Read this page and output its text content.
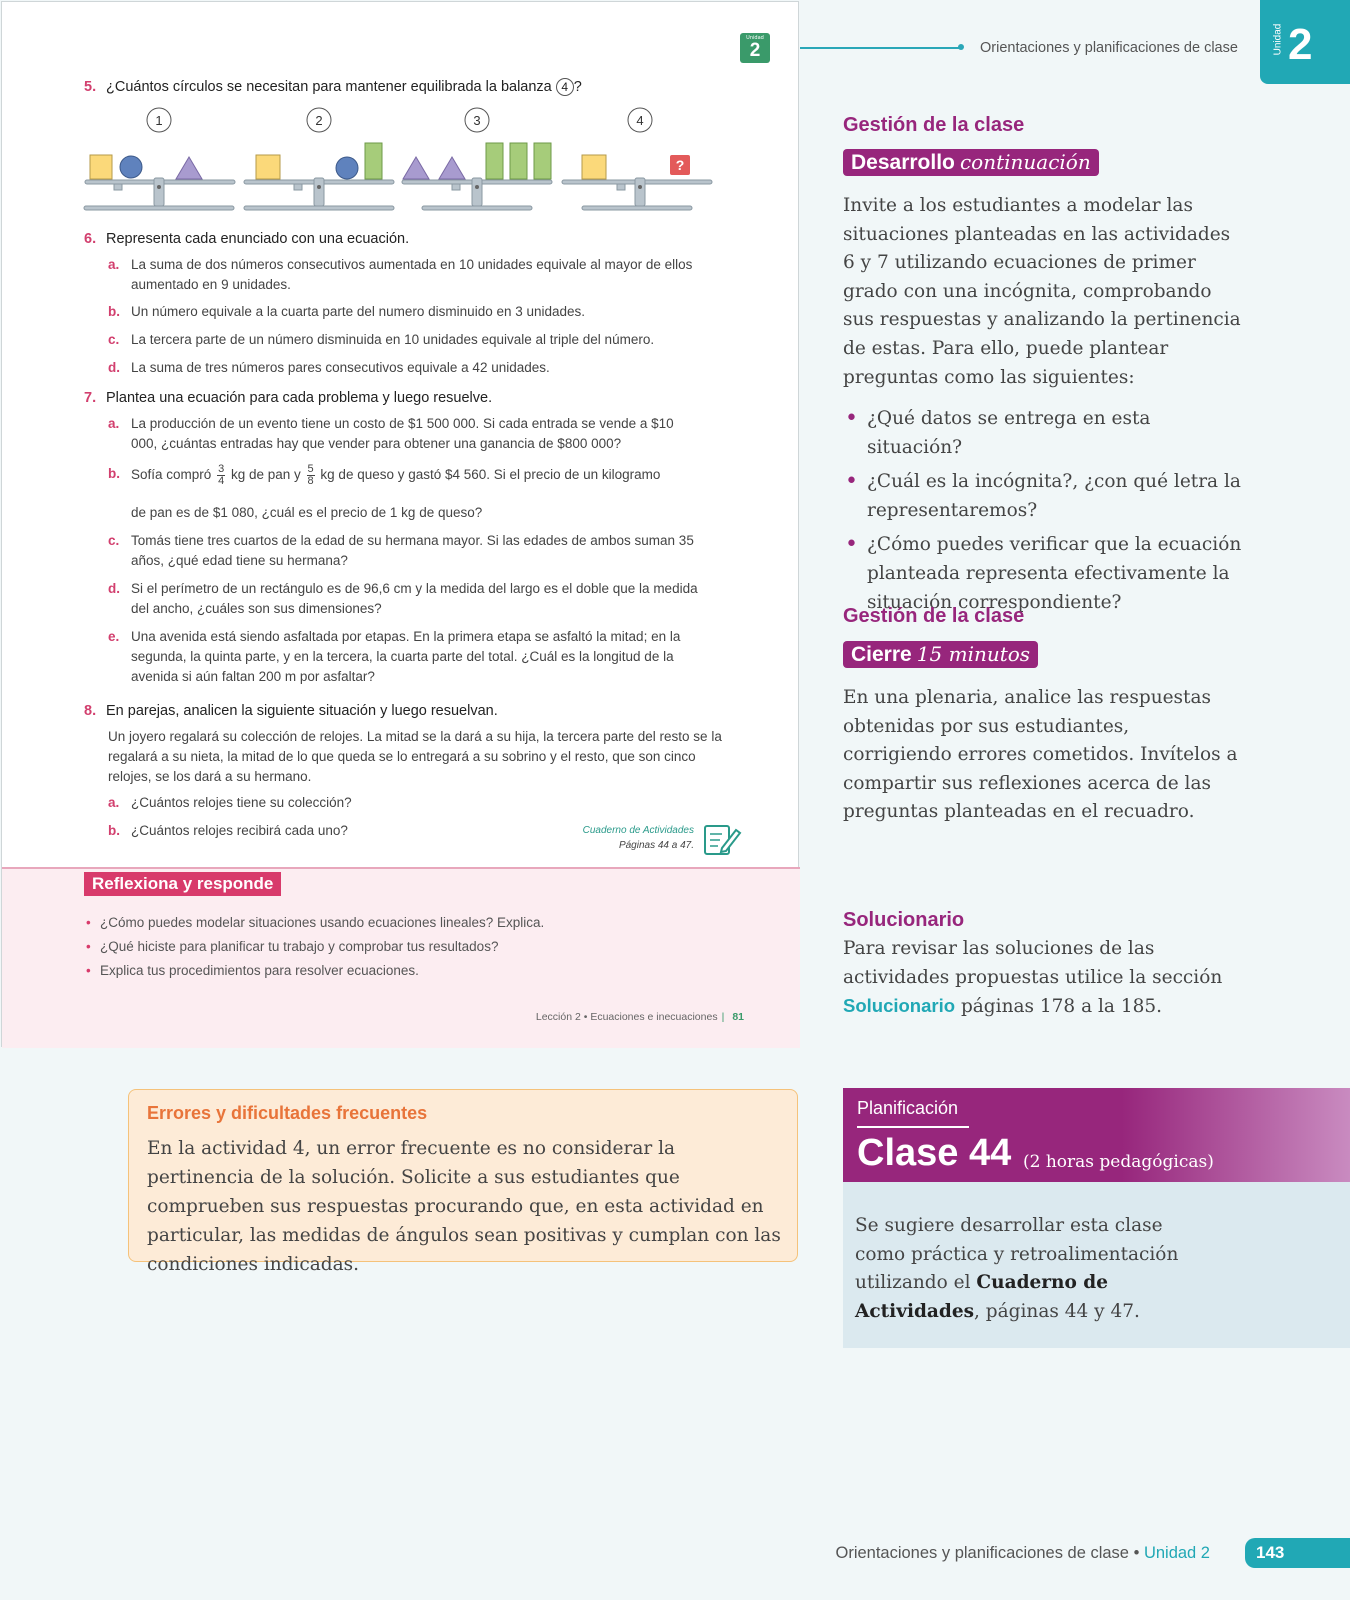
Unidad
2
5. ¿Cuántos círculos se necesitan para mantener equilibrada la balanza 4 ?
1	2	3	4
?
6. Representa cada enunciado con una ecuación.
a. La suma de dos números consecutivos aumentada en 10 unidades equivale al mayor de ellos aumentado en 9 unidades.
b. Un número equivale a la cuarta parte del numero disminuido en 3 unidades.
c. La tercera parte de un número disminuida en 10 unidades equivale al triple del número.
d. La suma de tres números pares consecutivos equivale a 42 unidades.
7. Plantea una ecuación para cada problema y luego resuelve.
a. La producción de un evento tiene un costo de $1 500 000. Si cada entrada se vende a $10 000, ¿cuántas entradas hay que vender para obtener una ganancia de $800 000?
b. Sofía compró $\frac{3}{4}$ kg de pan y $\frac{5}{8}$ kg de queso y gastó $4 560. Si el precio de un kilogramo
de pan es de $1 080, ¿cuál es el precio de 1 kg de queso?
c. Tomás tiene tres cuartos de la edad de su hermana mayor. Si las edades de ambos suman 35 años, ¿qué edad tiene su hermana?
d. Si el perímetro de un rectángulo es de 96,6 cm y la medida del largo es el doble que la medida del ancho, ¿cuáles son sus dimensiones?
e. Una avenida está siendo asfaltada por etapas. En la primera etapa se asfaltó la mitad; en la segunda, la quinta parte, y en la tercera, la cuarta parte del total. ¿Cuál es la longitud de la avenida si aún faltan 200 m por asfaltar?
8. En parejas, analicen la siguiente situación y luego resuelvan.
Un joyero regalará su colección de relojes. La mitad se la dará a su hija, la tercera parte del resto se la regalará a su nieta, la mitad de lo que queda se lo entregará a su sobrino y el resto, que son cinco relojes, se los dará a su hermano.
a. ¿Cuántos relojes tiene su colección?
b. ¿Cuántos relojes recibirá cada uno?	Cuaderno de Actividades
Páginas 44 a 47.
Reflexiona y responde
• ¿Cómo puedes modelar situaciones usando ecuaciones lineales? Explica.
• ¿Qué hiciste para planificar tu trabajo y comprobar tus resultados?
• Explica tus procedimientos para resolver ecuaciones.
Lección 2 • Ecuaciones e inecuaciones | 81
Errores y dificultades frecuentes

En la actividad 4, un error frecuente es no considerar la pertinencia de la solución. Solicite a sus estudiantes que comprueben sus respuestas procurando que, en esta actividad en particular, las medidas de ángulos sean positivas y cumplan con las condiciones indicadas.

Orientaciones y planificaciones de clase	Unidad 2
Gestión de la clase
Desarrollo continuación
Invite a los estudiantes a modelar las situaciones planteadas en las actividades 6 y 7 utilizando ecuaciones de primer grado con una incógnita, comprobando sus respuestas y analizando la pertinencia de estas. Para ello, puede plantear preguntas como las siguientes:
• ¿Qué datos se entrega en esta situación?
• ¿Cuál es la incógnita?, ¿con qué letra la representaremos?
• ¿Cómo puedes verificar que la ecuación planteada representa efectivamente la situación correspondiente?
Gestión de la clase
Cierre 15 minutos
En una plenaria, analice las respuestas obtenidas por sus estudiantes, corrigiendo errores cometidos. Invítelos a compartir sus reflexiones acerca de las preguntas planteadas en el recuadro.
Solucionario
Para revisar las soluciones de las actividades propuestas utilice la sección Solucionario páginas 178 a la 185.
Planificación
Clase 44 (2 horas pedagógicas)

Se sugiere desarrollar esta clase como práctica y retroalimentación utilizando el Cuaderno de Actividades, páginas 44 y 47.

Orientaciones y planificaciones de clase • Unidad 2	143
